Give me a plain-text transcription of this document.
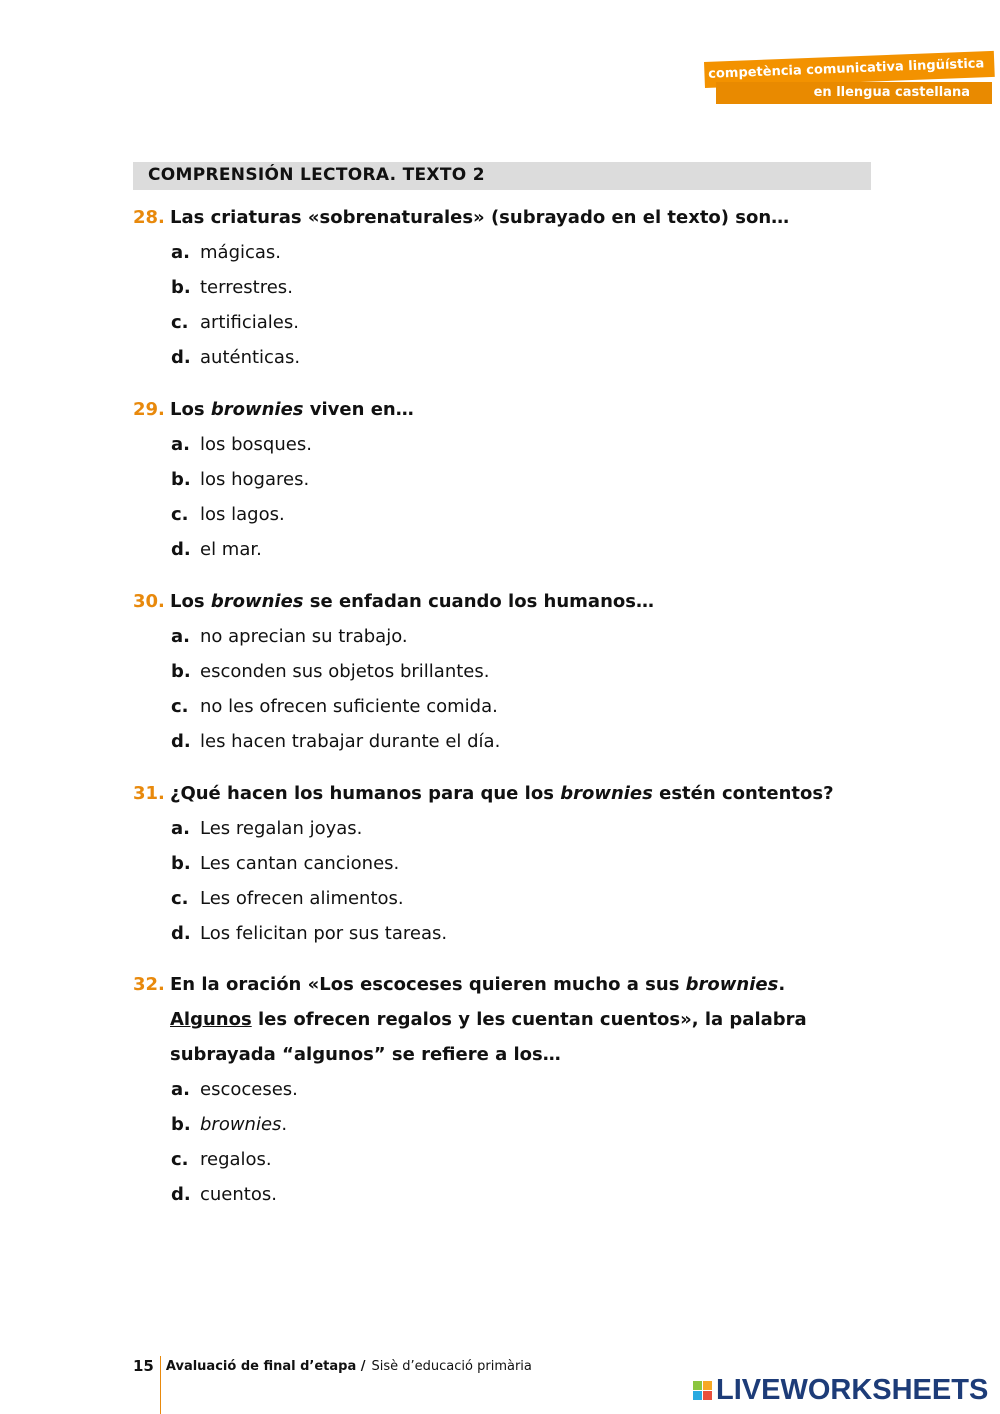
competència comunicativa lingüística
en llengua castellana
COMPRENSIÓN LECTORA. TEXTO 2
28. Las criaturas «sobrenaturales» (subrayado en el texto) son…
a. mágicas.
b. terrestres.
c. artificiales.
d. auténticas.
29. Los brownies viven en…
a. los bosques.
b. los hogares.
c. los lagos.
d. el mar.
30. Los brownies se enfadan cuando los humanos…
a. no aprecian su trabajo.
b. esconden sus objetos brillantes.
c. no les ofrecen suficiente comida.
d. les hacen trabajar durante el día.
31. ¿Qué hacen los humanos para que los brownies estén contentos?
a. Les regalan joyas.
b. Les cantan canciones.
c. Les ofrecen alimentos.
d. Los felicitan por sus tareas.
32. En la oración «Los escoceses quieren mucho a sus brownies.
Algunos les ofrecen regalos y les cuentan cuentos», la palabra subrayada “algunos” se refiere a los…
a. escoceses.
b. brownies.
c. regalos.
d. cuentos.
15 Avaluació de final d’etapa / Sisè d’educació primària
LIVEWORKSHEETS
